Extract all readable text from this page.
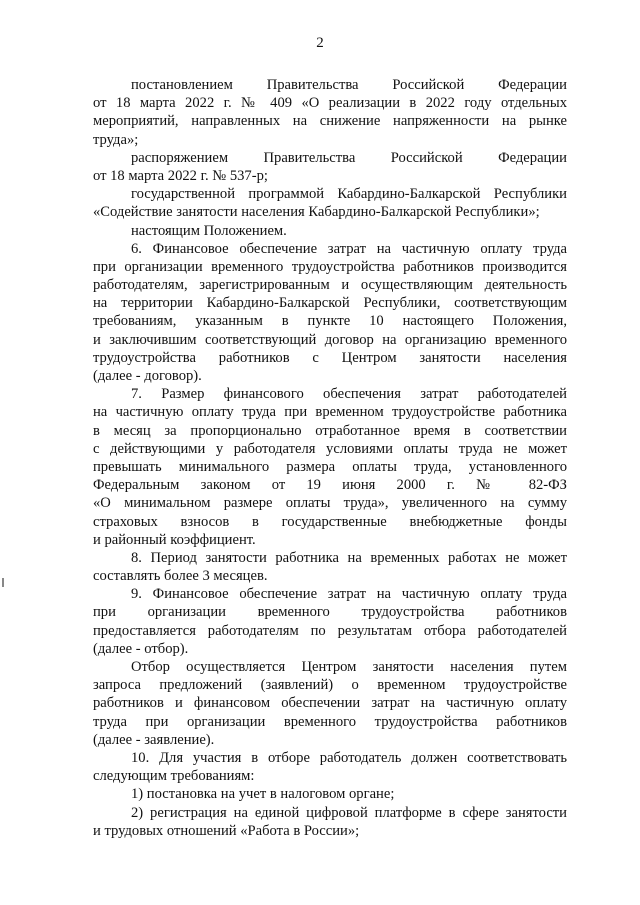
2
постановлением Правительства Российской Федерации
от 18 марта 2022 г. № 409 «О реализации в 2022 году отдельных
мероприятий, направленных на снижение напряженности на рынке
труда»;
распоряжением Правительства Российской Федерации
от 18 марта 2022 г. № 537-р;
государственной программой Кабардино-Балкарской Республики
«Содействие занятости населения Кабардино-Балкарской Республики»;
настоящим Положением.
6. Финансовое обеспечение затрат на частичную оплату труда
при организации временного трудоустройства работников производится
работодателям, зарегистрированным и осуществляющим деятельность
на территории Кабардино-Балкарской Республики, соответствующим
требованиям, указанным в пункте 10 настоящего Положения,
и заключившим соответствующий договор на организацию временного
трудоустройства работников с Центром занятости населения
(далее - договор).
7. Размер финансового обеспечения затрат работодателей
на частичную оплату труда при временном трудоустройстве работника
в месяц за пропорционально отработанное время в соответствии
с действующими у работодателя условиями оплаты труда не может
превышать минимального размера оплаты труда, установленного
Федеральным законом от 19 июня 2000 г. № 82-ФЗ
«О минимальном размере оплаты труда», увеличенного на сумму
страховых взносов в государственные внебюджетные фонды
и районный коэффициент.
8. Период занятости работника на временных работах не может
составлять более 3 месяцев.
9. Финансовое обеспечение затрат на частичную оплату труда
при организации временного трудоустройства работников
предоставляется работодателям по результатам отбора работодателей
(далее - отбор).
Отбор осуществляется Центром занятости населения путем
запроса предложений (заявлений) о временном трудоустройстве
работников и финансовом обеспечении затрат на частичную оплату
труда при организации временного трудоустройства работников
(далее - заявление).
10. Для участия в отборе работодатель должен соответствовать
следующим требованиям:
1) постановка на учет в налоговом органе;
2) регистрация на единой цифровой платформе в сфере занятости
и трудовых отношений «Работа в России»;
